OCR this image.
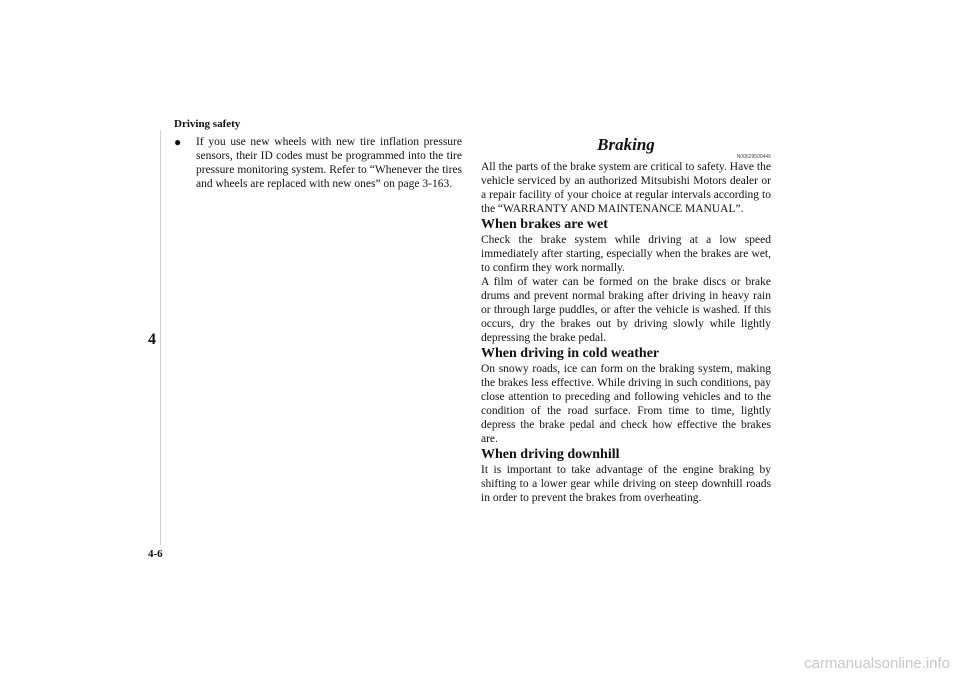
Driving safety
4
4-6
●	If you use new wheels with new tire inflation pressure sensors, their ID codes must be programmed into the tire pressure monitoring system. Refer to “Whenever the tires and wheels are replaced with new ones” on page 3-163.
Braking
N00629500446

All the parts of the brake system are critical to safety. Have the vehicle serviced by an authorized Mitsubishi Motors dealer or a repair facility of your choice at regular intervals according to the “WARRANTY AND MAINTENANCE MANUAL”.

When brakes are wet

Check the brake system while driving at a low speed immediately after starting, especially when the brakes are wet, to confirm they work normally.

A film of water can be formed on the brake discs or brake drums and prevent normal braking after driving in heavy rain or through large puddles, or after the vehicle is washed. If this occurs, dry the brakes out by driving slowly while lightly depressing the brake pedal.

When driving in cold weather

On snowy roads, ice can form on the braking system, making the brakes less effective. While driving in such conditions, pay close attention to preceding and following vehicles and to the condition of the road surface. From time to time, lightly depress the brake pedal and check how effective the brakes are.

When driving downhill

It is important to take advantage of the engine braking by shifting to a lower gear while driving on steep downhill roads in order to prevent the brakes from overheating.

carmanualsonline.info
